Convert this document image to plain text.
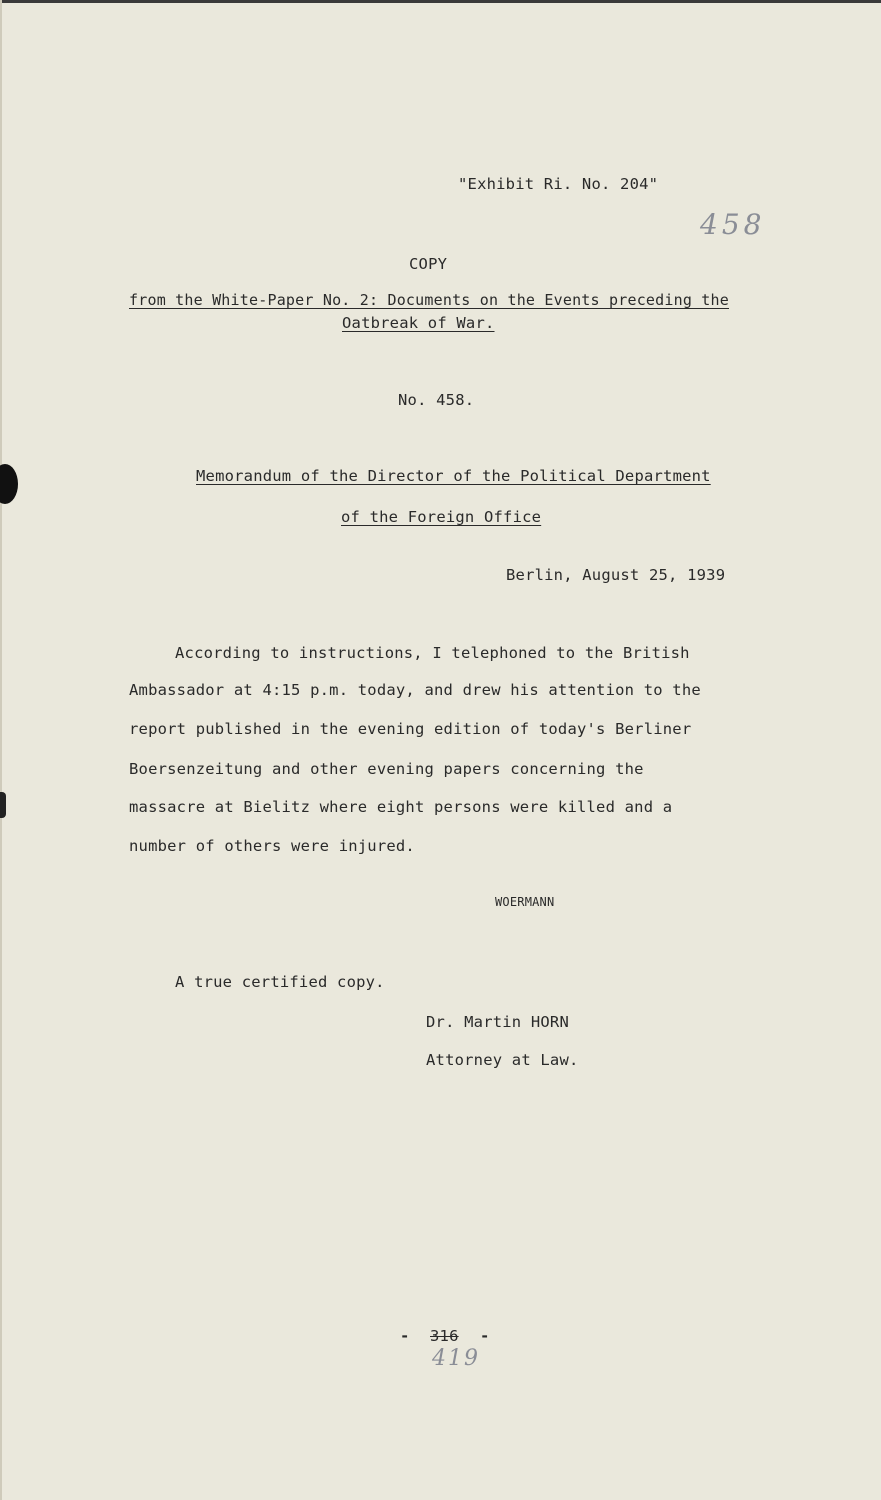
"Exhibit Ri. No. 204"
458
COPY
from the White-Paper No. 2: Documents on the Events preceding the
Oatbreak of War.
No. 458.
Memorandum of the Director of the Political Department
of the Foreign Office
Berlin, August 25, 1939
According to instructions, I telephoned to the British
Ambassador at 4:15 p.m. today, and drew his attention to the
report published in the evening edition of today's Berliner
Boersenzeitung and other evening papers concerning the
massacre at Bielitz where eight persons were killed and a
number of others were injured.
WOERMANN
A true certified copy.
Dr. Martin HORN
Attorney at Law.
- 316 -
419
